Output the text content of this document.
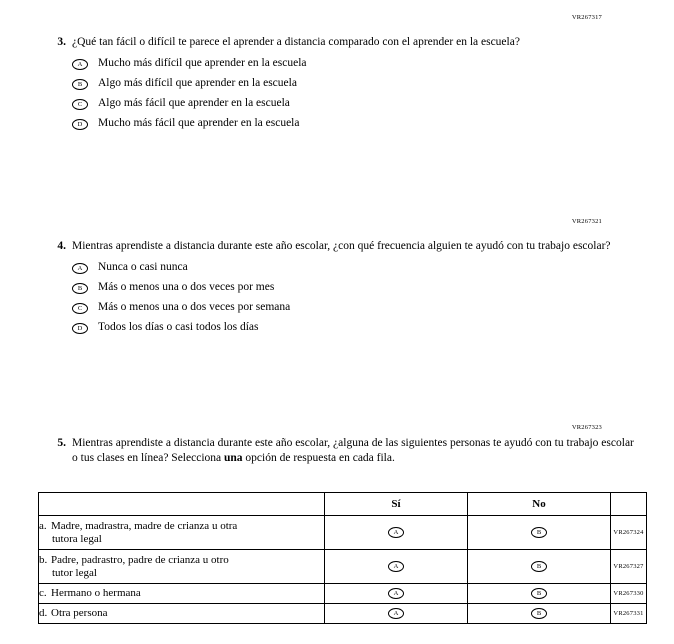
VR267317
3. ¿Qué tan fácil o difícil te parece el aprender a distancia comparado con el aprender en la escuela?
A	Mucho más difícil que aprender en la escuela
B	Algo más difícil que aprender en la escuela
C	Algo más fácil que aprender en la escuela
D	Mucho más fácil que aprender en la escuela
VR267321
4. Mientras aprendiste a distancia durante este año escolar, ¿con qué frecuencia alguien te ayudó con tu trabajo escolar?
A	Nunca o casi nunca
B	Más o menos una o dos veces por mes
C	Más o menos una o dos veces por semana
D	Todos los días o casi todos los días
VR267323
5. Mientras aprendiste a distancia durante este año escolar, ¿alguna de las siguientes personas te ayudó con tu trabajo escolar o tus clases en línea? Selecciona una opción de respuesta en cada fila.
	Sí	No	
a. Madre, madrastra, madre de crianza u otra
tutora legal	A	B	VR267324
b. Padre, padrastro, padre de crianza u otro
tutor legal	A	B	VR267327
c. Hermano o hermana	A	B	VR267330
d. Otra persona	A	B	VR267331
